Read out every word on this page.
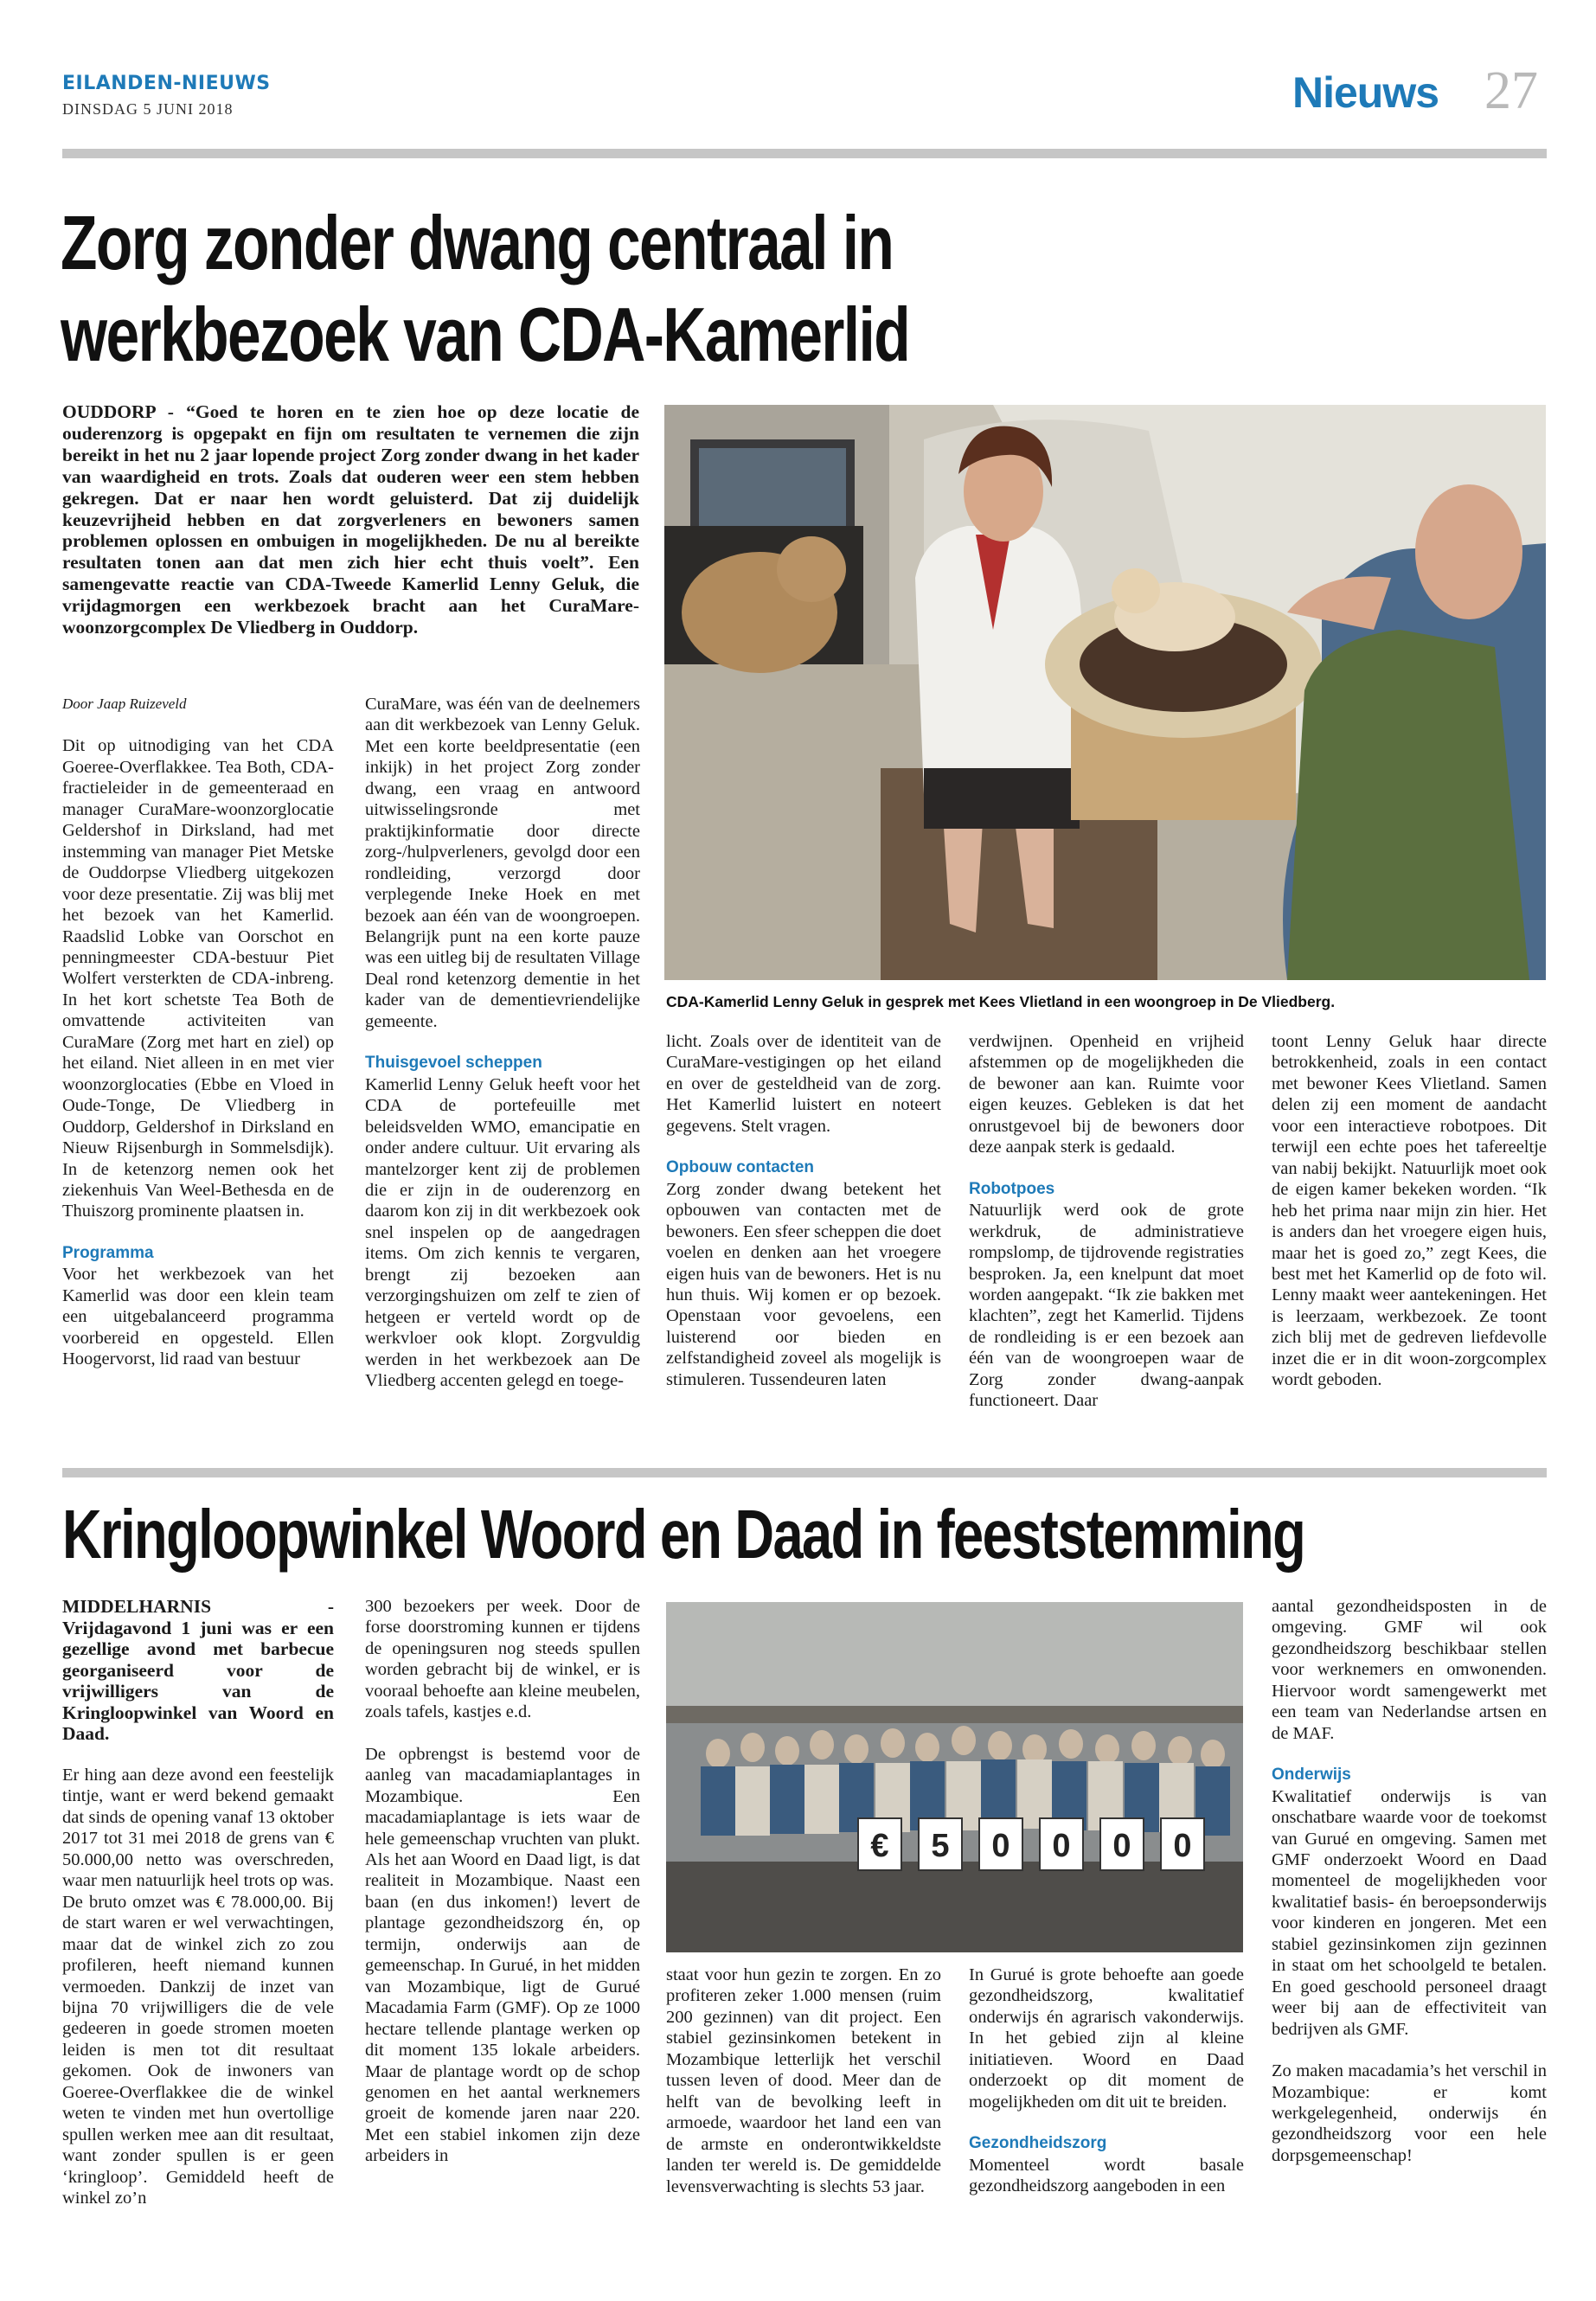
EILANDEN-NIEUWS
DINSDAG 5 JUNI 2018	Nieuws 27
Zorg zonder dwang centraal in
werkbezoek van CDA-Kamerlid

OUDDORP - “Goed te horen en te zien hoe op deze locatie de ouderenzorg is opgepakt en fijn om resultaten te vernemen die zijn bereikt in het nu 2 jaar lopende project Zorg zonder dwang in het kader van waardigheid en trots. Zoals dat ouderen weer een stem hebben gekregen. Dat er naar hen wordt geluisterd. Dat zij duidelijk keuzevrijheid hebben en dat zorgverleners en bewoners samen problemen oplossen en ombuigen in mogelijkheden. De nu al bereikte resultaten tonen aan dat men zich hier echt thuis voelt”. Een samengevatte reactie van CDA-Tweede Kamerlid Lenny Geluk, die vrijdagmorgen een werkbezoek bracht aan het CuraMare-woonzorgcomplex De Vliedberg in Ouddorp.

CDA-Kamerlid Lenny Geluk in gesprek met Kees Vlietland in een woongroep in De Vliedberg.

Door Jaap Ruizeveld

Dit op uitnodiging van het CDA Goeree-Overflakkee. Tea Both, CDA-fractieleider in de gemeenteraad en manager CuraMare-woonzorglocatie Geldershof in Dirksland, had met instemming van manager Piet Metske de Ouddorpse Vliedberg uitgekozen voor deze presentatie. Zij was blij met het bezoek van het Kamerlid. Raadslid Lobke van Oorschot en penningmeester CDA-bestuur Piet Wolfert versterkten de CDA-inbreng. In het kort schetste Tea Both de omvattende activiteiten van CuraMare (Zorg met hart en ziel) op het eiland. Niet alleen in en met vier woonzorglocaties (Ebbe en Vloed in Oude-Tonge, De Vliedberg in Ouddorp, Geldershof in Dirksland en Nieuw Rijsenburgh in Sommelsdijk). In de ketenzorg nemen ook het ziekenhuis Van Weel-Bethesda en de Thuiszorg prominente plaatsen in.

Programma

Voor het werkbezoek van het Kamerlid was door een klein team een uitgebalanceerd programma voorbereid en opgesteld. Ellen Hoogervorst, lid raad van bestuur

CuraMare, was één van de deelnemers aan dit werkbezoek van Lenny Geluk. Met een korte beeldpresentatie (een inkijk) in het project Zorg zonder dwang, een vraag en antwoord uitwisselingsronde met praktijkinformatie door directe zorg-/hulpverleners, gevolgd door een rondleiding, verzorgd door verplegende Ineke Hoek en met bezoek aan één van de woongroepen. Belangrijk punt na een korte pauze was een uitleg bij de resultaten Village Deal rond ketenzorg dementie in het kader van de dementievriendelijke gemeente.

Thuisgevoel scheppen

Kamerlid Lenny Geluk heeft voor het CDA de portefeuille met beleidsvelden WMO, emancipatie en onder andere cultuur. Uit ervaring als mantelzorger kent zij de problemen die er zijn in de ouderenzorg en daarom kon zij in dit werkbezoek ook snel inspelen op de aangedragen items. Om zich kennis te vergaren, brengt zij bezoeken aan verzorgingshuizen om zelf te zien of hetgeen er verteld wordt op de werkvloer ook klopt. Zorgvuldig werden in het werkbezoek aan De Vliedberg accenten gelegd en toege-

licht. Zoals over de identiteit van de CuraMare-vestigingen op het eiland en over de gesteldheid van de zorg. Het Kamerlid luistert en noteert gegevens. Stelt vragen.

Opbouw contacten

Zorg zonder dwang betekent het opbouwen van contacten met de bewoners. Een sfeer scheppen die doet voelen en denken aan het vroegere eigen huis van de bewoners. Het is nu hun thuis. Wij komen er op bezoek. Openstaan voor gevoelens, een luisterend oor bieden en zelfstandigheid zoveel als mogelijk is stimuleren. Tussendeuren laten

verdwijnen. Openheid en vrijheid afstemmen op de mogelijkheden die de bewoner aan kan. Ruimte voor eigen keuzes. Gebleken is dat het onrustgevoel bij de bewoners door deze aanpak sterk is gedaald.

Robotpoes

Natuurlijk werd ook de grote werkdruk, de administratieve rompslomp, de tijdrovende registraties besproken. Ja, een knelpunt dat moet worden aangepakt. “Ik zie bakken met klachten”, zegt het Kamerlid. Tijdens de rondleiding is er een bezoek aan één van de woongroepen waar de Zorg zonder dwang-aanpak functioneert. Daar

toont Lenny Geluk haar directe betrokkenheid, zoals in een contact met bewoner Kees Vlietland. Samen delen zij een moment de aandacht voor een interactieve robotpoes. Dit terwijl een echte poes het tafereeltje van nabij bekijkt. Natuurlijk moet ook de eigen kamer bekeken worden. “Ik heb het prima naar mijn zin hier. Het is anders dan het vroegere eigen huis, maar het is goed zo,” zegt Kees, die best met het Kamerlid op de foto wil. Lenny maakt weer aantekeningen. Het is leerzaam, werkbezoek. Ze toont zich blij met de gedreven liefdevolle inzet die er in dit woon-zorgcomplex wordt geboden.

Kringloopwinkel Woord en Daad in feeststemming

MIDDELHARNIS - Vrijdagavond 1 juni was er een gezellige avond met barbecue georganiseerd voor de vrijwilligers van de Kringloopwinkel van Woord en Daad.

Er hing aan deze avond een feestelijk tintje, want er werd bekend gemaakt dat sinds de opening vanaf 13 oktober 2017 tot 31 mei 2018 de grens van € 50.000,00 netto was overschreden, waar men natuurlijk heel trots op was. De bruto omzet was € 78.000,00. Bij de start waren er wel verwachtingen, maar dat de winkel zich zo zou profileren, heeft niemand kunnen vermoeden. Dankzij de inzet van bijna 70 vrijwilligers die de vele gedeeren in goede stromen moeten leiden is men tot dit resultaat gekomen. Ook de inwoners van Goeree-Overflakkee die de winkel weten te vinden met hun overtollige spullen werken mee aan dit resultaat, want zonder spullen is er geen ‘kringloop’. Gemiddeld heeft de winkel zo’n

300 bezoekers per week. Door de forse doorstroming kunnen er tijdens de openingsuren nog steeds spullen worden gebracht bij de winkel, er is vooraal behoefte aan kleine meubelen, zoals tafels, kastjes e.d.

De opbrengst is bestemd voor de aanleg van macadamiaplantages in Mozambique. Een macadamiaplantage is iets waar de hele gemeenschap vruchten van plukt. Als het aan Woord en Daad ligt, is dat realiteit in Mozambique. Naast een baan (en dus inkomen!) levert de plantage gezondheidszorg én, op termijn, onderwijs aan de gemeenschap. In Gurué, in het midden van Mozambique, ligt de Gurué Macadamia Farm (GMF). Op ze 1000 hectare tellende plantage werken op dit moment 135 lokale arbeiders. Maar de plantage wordt op de schop genomen en het aantal werknemers groeit de komende jaren naar 220. Met een stabiel inkomen zijn deze arbeiders in

€ 5 0 0 0 0

staat voor hun gezin te zorgen. En zo profiteren zeker 1.000 mensen (ruim 200 gezinnen) van dit project. Een stabiel gezinsinkomen betekent in Mozambique letterlijk het verschil tussen leven of dood. Meer dan de helft van de bevolking leeft in armoede, waardoor het land een van de armste en onderontwikkeldste landen ter wereld is. De gemiddelde levensverwachting is slechts 53 jaar.

In Gurué is grote behoefte aan goede gezondheidszorg, kwalitatief onderwijs én agrarisch vakonderwijs. In het gebied zijn al kleine initiatieven. Woord en Daad onderzoekt op dit moment de mogelijkheden om dit uit te breiden.

Gezondheidszorg

Momenteel wordt basale gezondheidszorg aangeboden in een

aantal gezondheidsposten in de omgeving. GMF wil ook gezondheidszorg beschikbaar stellen voor werknemers en omwonenden. Hiervoor wordt samengewerkt met een team van Nederlandse artsen en de MAF.

Onderwijs

Kwalitatief onderwijs is van onschatbare waarde voor de toekomst van Gurué en omgeving. Samen met GMF onderzoekt Woord en Daad momenteel de mogelijkheden voor kwalitatief basis- én beroepsonderwijs voor kinderen en jongeren. Met een stabiel gezinsinkomen zijn gezinnen in staat om het schoolgeld te betalen. En goed geschoold personeel draagt weer bij aan de effectiviteit van bedrijven als GMF.

Zo maken macadamia’s het verschil in Mozambique: er komt werkgelegenheid, onderwijs én gezondheidszorg voor een hele dorpsgemeenschap!
